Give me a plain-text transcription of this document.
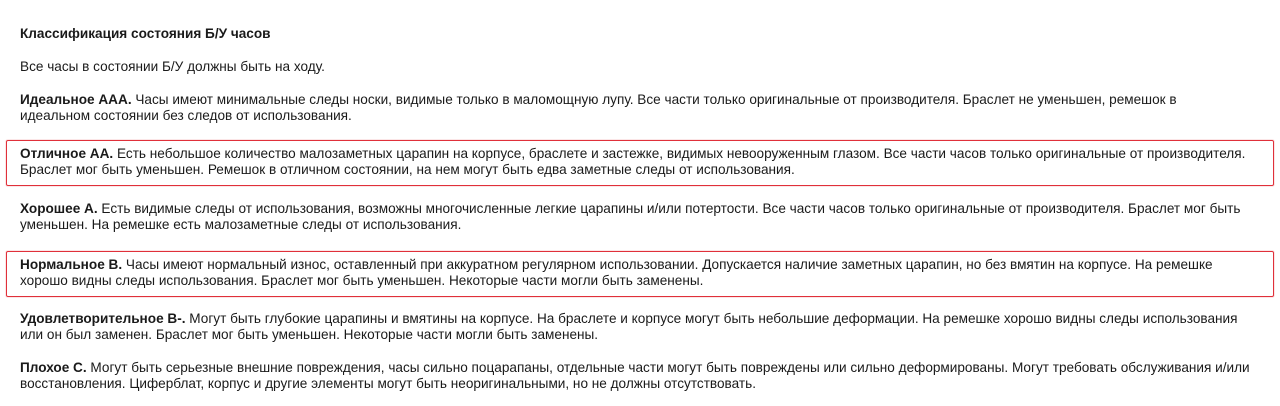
Классификация состояния Б/У часов

Все часы в состоянии Б/У должны быть на ходу.

Идеальное ААА. Часы имеют минимальные следы носки, видимые только в маломощную лупу. Все части только оригинальные от производителя. Браслет не уменьшен, ремешок в идеальном состоянии без следов от использования.

Отличное АА. Есть небольшое количество малозаметных царапин на корпусе, браслете и застежке, видимых невооруженным глазом. Все части часов только оригинальные от производителя. Браслет мог быть уменьшен. Ремешок в отличном состоянии, на нем могут быть едва заметные следы от использования.

Хорошее А. Есть видимые следы от использования, возможны многочисленные легкие царапины и/или потертости. Все части часов только оригинальные от производителя. Браслет мог быть уменьшен. На ремешке есть малозаметные следы от использования.

Нормальное В. Часы имеют нормальный износ, оставленный при аккуратном регулярном использовании. Допускается наличие заметных царапин, но без вмятин на корпусе. На ремешке хорошо видны следы использования. Браслет мог быть уменьшен. Некоторые части могли быть заменены.

Удовлетворительное В-. Могут быть глубокие царапины и вмятины на корпусе. На браслете и корпусе могут быть небольшие деформации. На ремешке хорошо видны следы использования или он был заменен. Браслет мог быть уменьшен. Некоторые части могли быть заменены.

Плохое С. Могут быть серьезные внешние повреждения, часы сильно поцарапаны, отдельные части могут быть повреждены или сильно деформированы. Могут требовать обслуживания и/или восстановления. Циферблат, корпус и другие элементы могут быть неоригинальными, но не должны отсутствовать.
